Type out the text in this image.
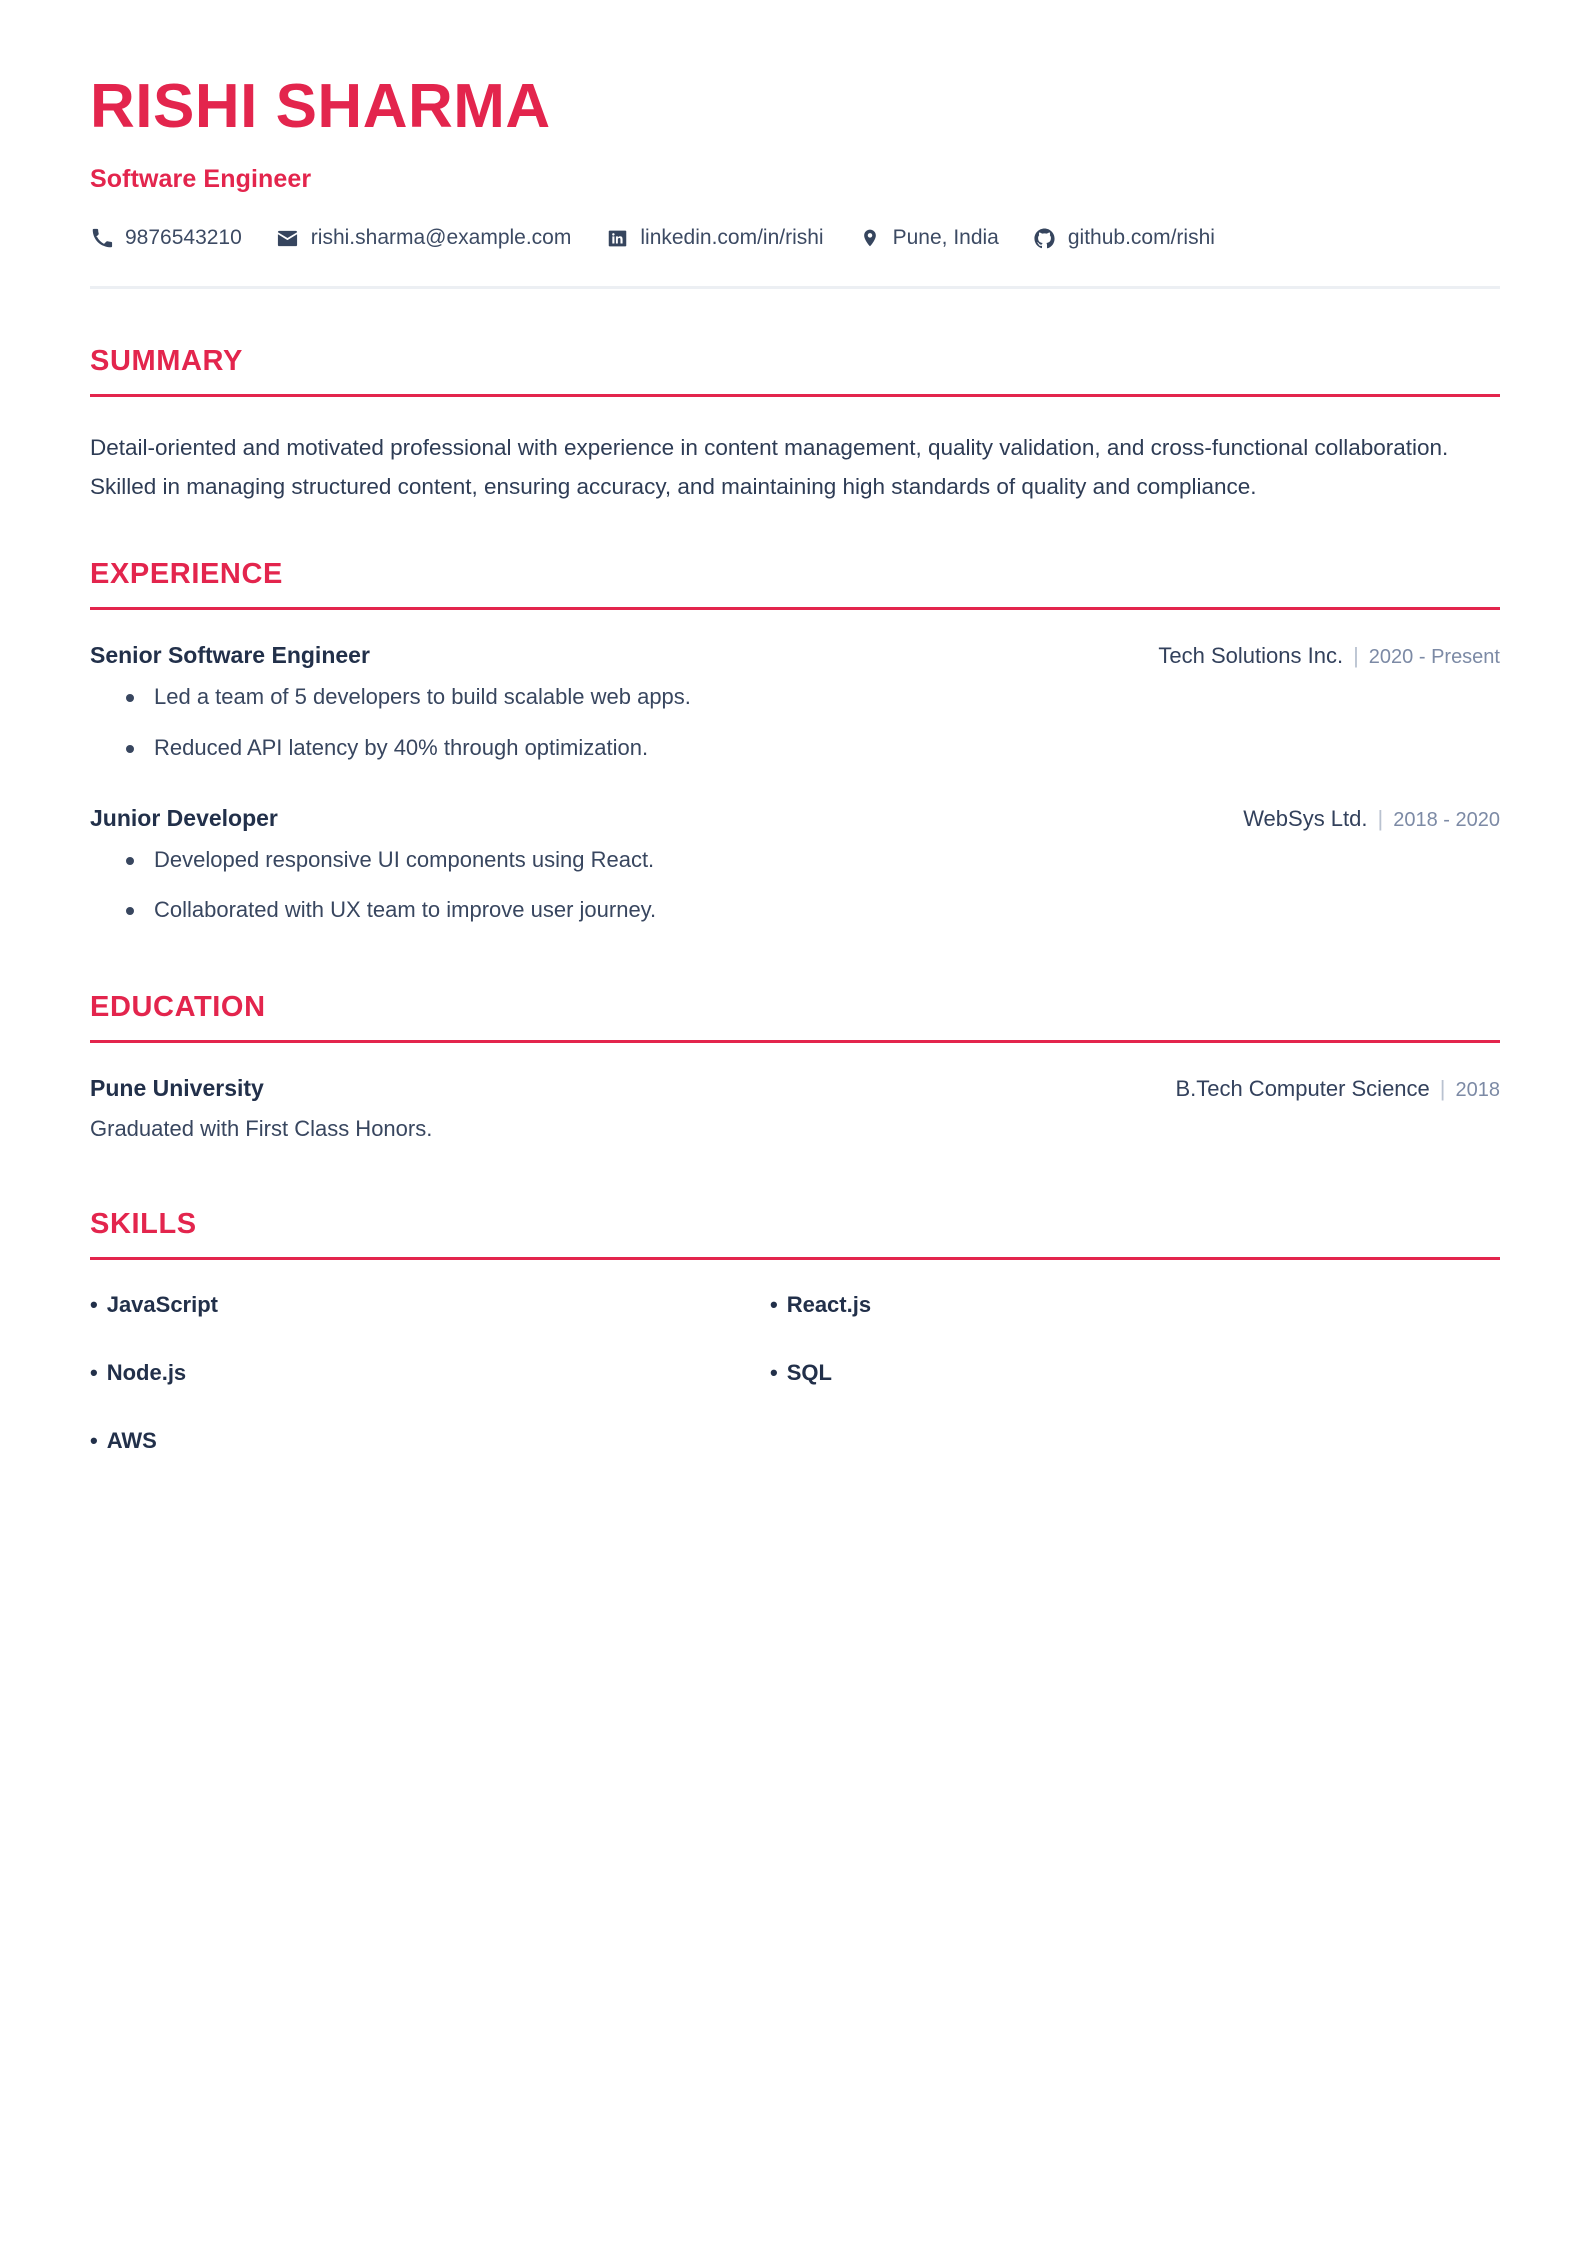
RISHI SHARMA
Software Engineer
9876543210	rishi.sharma@example.com	linkedin.com/in/rishi	Pune, India	github.com/rishi
SUMMARY

Detail-oriented and motivated professional with experience in content management, quality validation, and cross-functional collaboration. Skilled in managing structured content, ensuring accuracy, and maintaining high standards of quality and compliance.

EXPERIENCE
Senior Software Engineer	Tech Solutions Inc. | 2020 - Present
Led a team of 5 developers to build scalable web apps.
Reduced API latency by 40% through optimization.
Junior Developer	WebSys Ltd. | 2018 - 2020
Developed responsive UI components using React.
Collaborated with UX team to improve user journey.
EDUCATION
Pune University	B.Tech Computer Science | 2018

Graduated with First Class Honors.

SKILLS
• JavaScript	• React.js
• Node.js	• SQL
• AWS
